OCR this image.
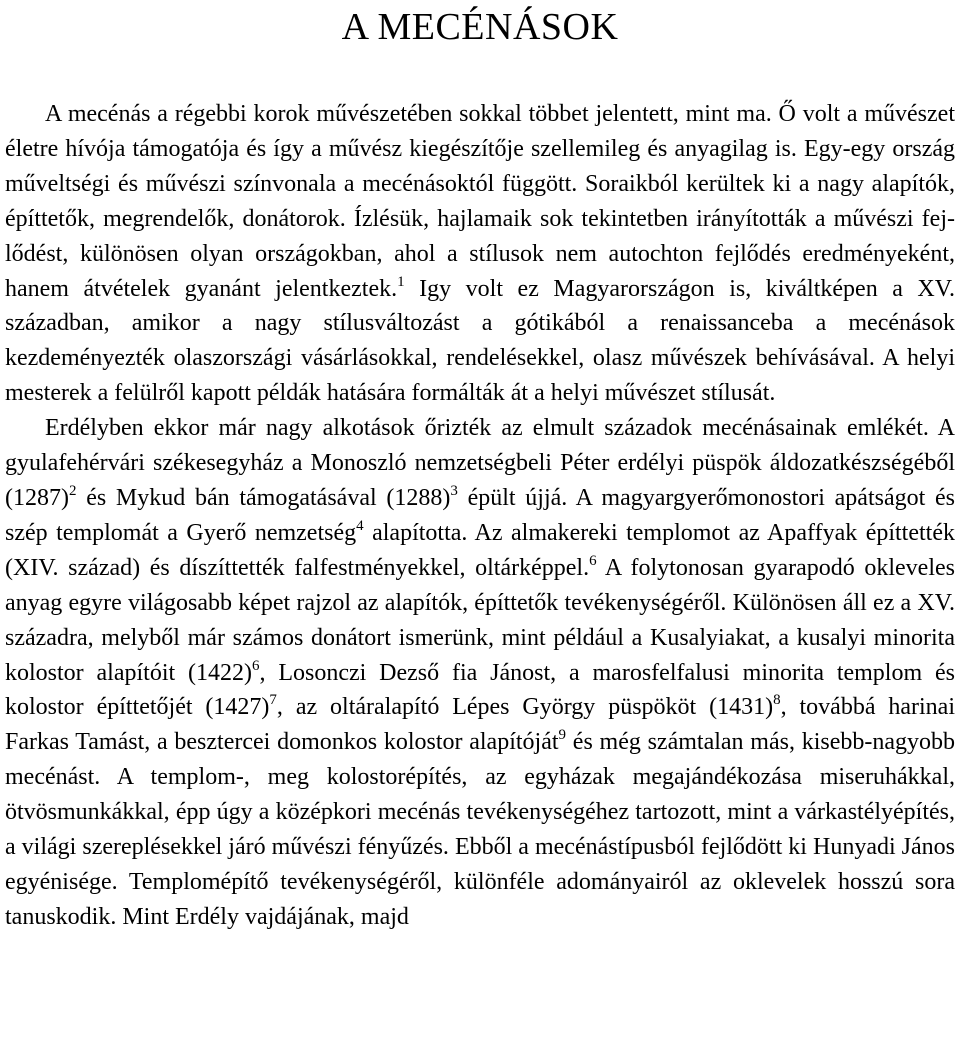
A MECÉNÁSOK

A mecénás a régebbi korok művészetében sokkal többet jelentett, mint ma. Ő volt a művészet életre hívója támogatója és így a művész kiegészítője szellemileg és anyagilag is. Egy-egy ország műveltségi és művészi színvonala a mecénásoktól függött. Soraikból kerültek ki a nagy alapítók, építtetők, megrendelők, donátorok. Ízlésük, hajlamaik sok tekintetben irányították a művészi fejlődést, különösen olyan országokban, ahol a stílusok nem autochton fejlődés eredményeként, hanem átvételek gyanánt jelentkeztek.$^1$ Igy volt ez Magyarországon is, kiváltképen a XV. században, amikor a nagy stílusváltozást a gótikából a renaissanceba a mecénások kezdeményezték olaszországi vásárlásokkal, rendelésekkel, olasz művészek behívásával. A helyi mesterek a felülről kapott példák hatására formálták át a helyi művészet stílusát.

Erdélyben ekkor már nagy alkotások őrizték az elmult századok mecénásainak emlékét. A gyulafehérvári székesegyház a Monoszló nemzetségbeli Péter erdélyi püspök áldozatkészségéből (1287)$^2$ és Mykud bán támogatásával (1288)$^3$ épült újjá. A magyargyerőmonostori apátságot és szép templomát a Gyerő nemzetség$^4$ alapította. Az almakereki templomot az Apaffyak építtették (XIV. század) és díszíttették falfestményekkel, oltárképpel.$^6$ A folytonosan gyarapodó okleveles anyag egyre világosabb képet rajzol az alapítók, építtetők tevékenységéről. Különösen áll ez a XV. századra, melyből már számos donátort ismerünk, mint például a Kusalyiakat, a kusalyi minorita kolostor alapítóit (1422)$^6$, Losonczi Dezső fia Jánost, a marosfelfalusi minorita templom és kolostor építtetőjét (1427)$^7$, az oltáralapító Lépes György püspököt (1431)$^8$, továbbá harinai Farkas Tamást, a besztercei domonkos kolostor alapítóját$^9$ és még számtalan más, kisebb-nagyobb mecénást. A templom-, meg kolostorépítés, az egyházak megajándékozása miseruhákkal, ötvösmunkákkal, épp úgy a középkori mecénás tevékenységéhez tartozott, mint a várkastélyépítés, a világi szereplésekkel járó művészi fényűzés. Ebből a mecénástípusból fejlődött ki Hunyadi János egyénisége. Templomépítő tevékenységéről, különféle adományairól az oklevelek hosszú sora tanuskodik. Mint Erdély vajdájának, majd
